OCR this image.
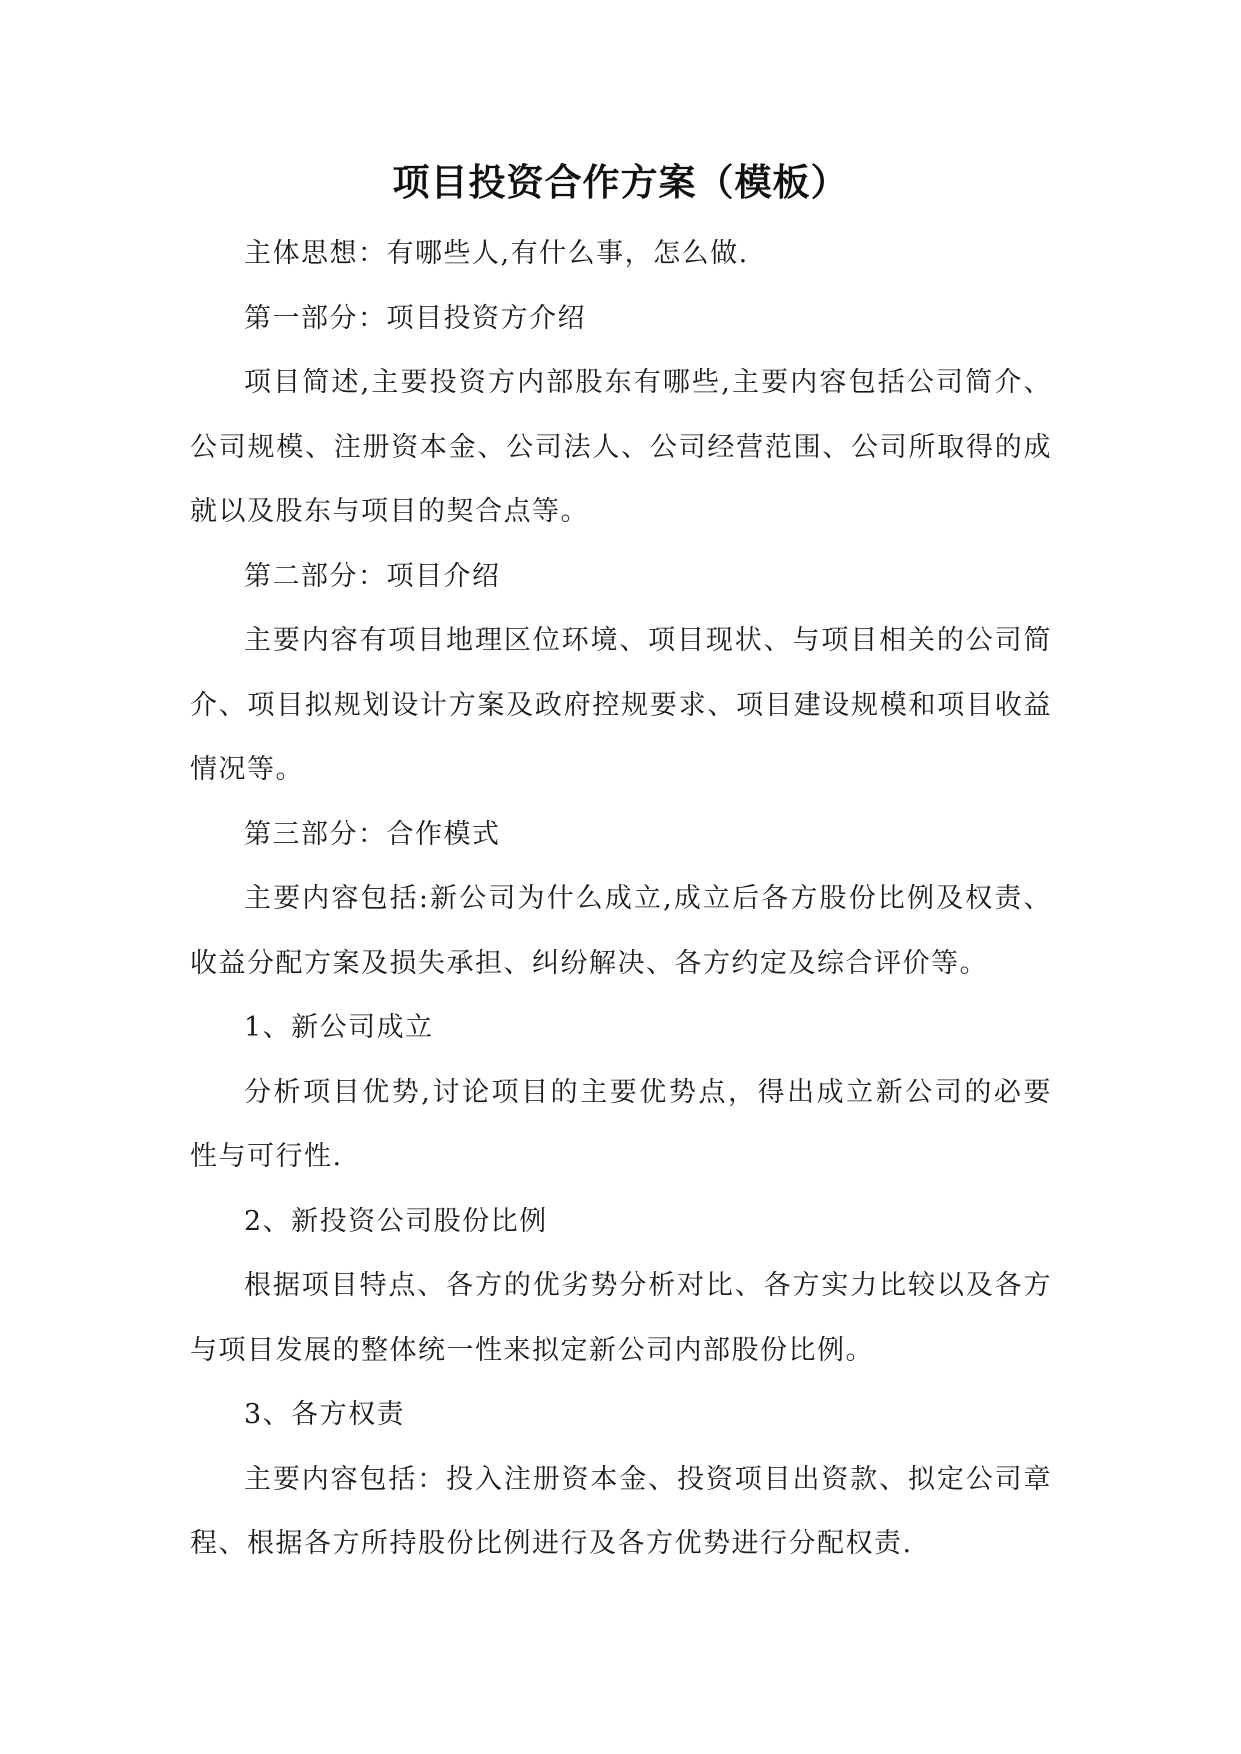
项目投资合作方案（模板）

主体思想：有哪些人,有什么事，怎么做.

第一部分：项目投资方介绍

项目简述,主要投资方内部股东有哪些,主要内容包括公司简介、公司规模、注册资本金、公司法人、公司经营范围、公司所取得的成就以及股东与项目的契合点等。

第二部分：项目介绍

主要内容有项目地理区位环境、项目现状、与项目相关的公司简介、项目拟规划设计方案及政府控规要求、项目建设规模和项目收益情况等。

第三部分：合作模式

主要内容包括:新公司为什么成立,成立后各方股份比例及权责、收益分配方案及损失承担、纠纷解决、各方约定及综合评价等。

1、新公司成立

分析项目优势,讨论项目的主要优势点，得出成立新公司的必要性与可行性.

2、新投资公司股份比例

根据项目特点、各方的优劣势分析对比、各方实力比较以及各方与项目发展的整体统一性来拟定新公司内部股份比例。

3、各方权责

主要内容包括：投入注册资本金、投资项目出资款、拟定公司章程、根据各方所持股份比例进行及各方优势进行分配权责.
